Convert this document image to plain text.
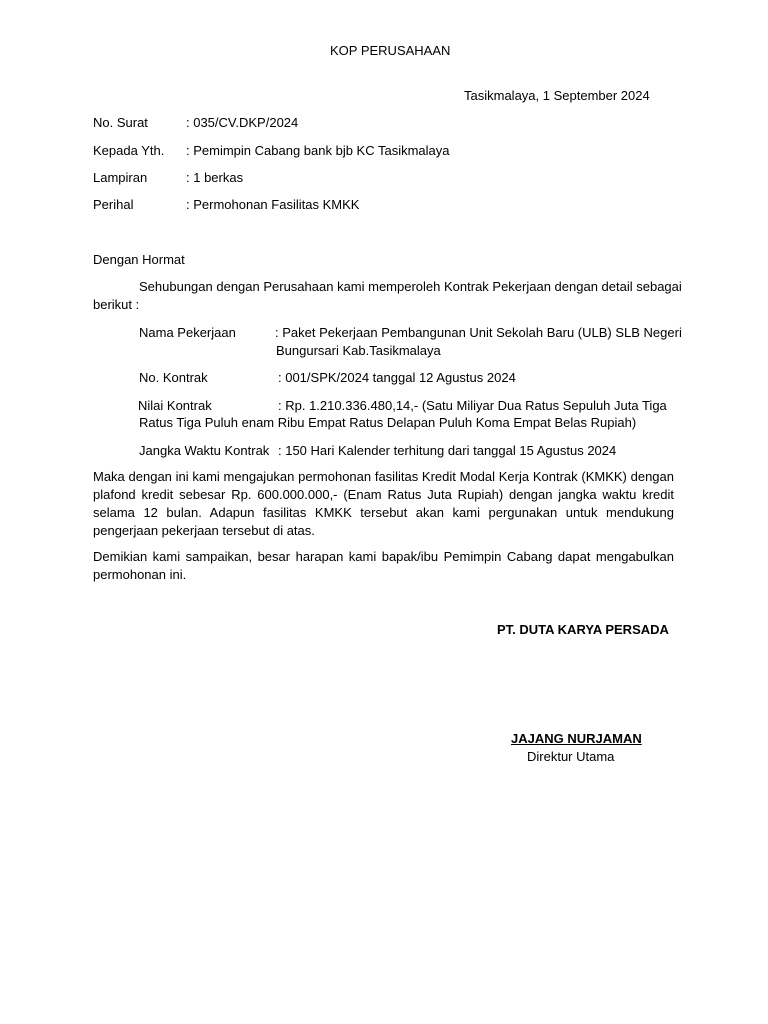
KOP PERUSAHAAN
Tasikmalaya, 1 September 2024
No. Surat	: 035/CV.DKP/2024
Kepada Yth. : Pemimpin Cabang bank bjb KC Tasikmalaya
Lampiran	: 1 berkas
Perihal	: Permohonan Fasilitas KMKK
Dengan Hormat
Sehubungan dengan Perusahaan kami memperoleh Kontrak Pekerjaan dengan detail sebagai
berikut :
Nama Pekerjaan	: Paket Pekerjaan Pembangunan Unit Sekolah Baru (ULB) SLB Negeri
Bungursari Kab.Tasikmalaya
No. Kontrak	: 001/SPK/2024 tanggal 12 Agustus 2024
Nilai Kontrak	: Rp. 1.210.336.480,14,- (Satu Miliyar Dua Ratus Sepuluh Juta Tiga
Ratus Tiga Puluh enam Ribu Empat Ratus Delapan Puluh Koma Empat Belas Rupiah)
Jangka Waktu Kontrak : 150 Hari Kalender terhitung dari tanggal 15 Agustus 2024
Maka dengan ini kami mengajukan permohonan fasilitas Kredit Modal Kerja Kontrak (KMKK) dengan plafond kredit sebesar Rp. 600.000.000,- (Enam Ratus Juta Rupiah) dengan jangka waktu kredit selama 12 bulan. Adapun fasilitas KMKK tersebut akan kami pergunakan untuk mendukung pengerjaan pekerjaan tersebut di atas.
Demikian kami sampaikan, besar harapan kami bapak/ibu Pemimpin Cabang dapat mengabulkan permohonan ini.
PT. DUTA KARYA PERSADA
JAJANG NURJAMAN
Direktur Utama
